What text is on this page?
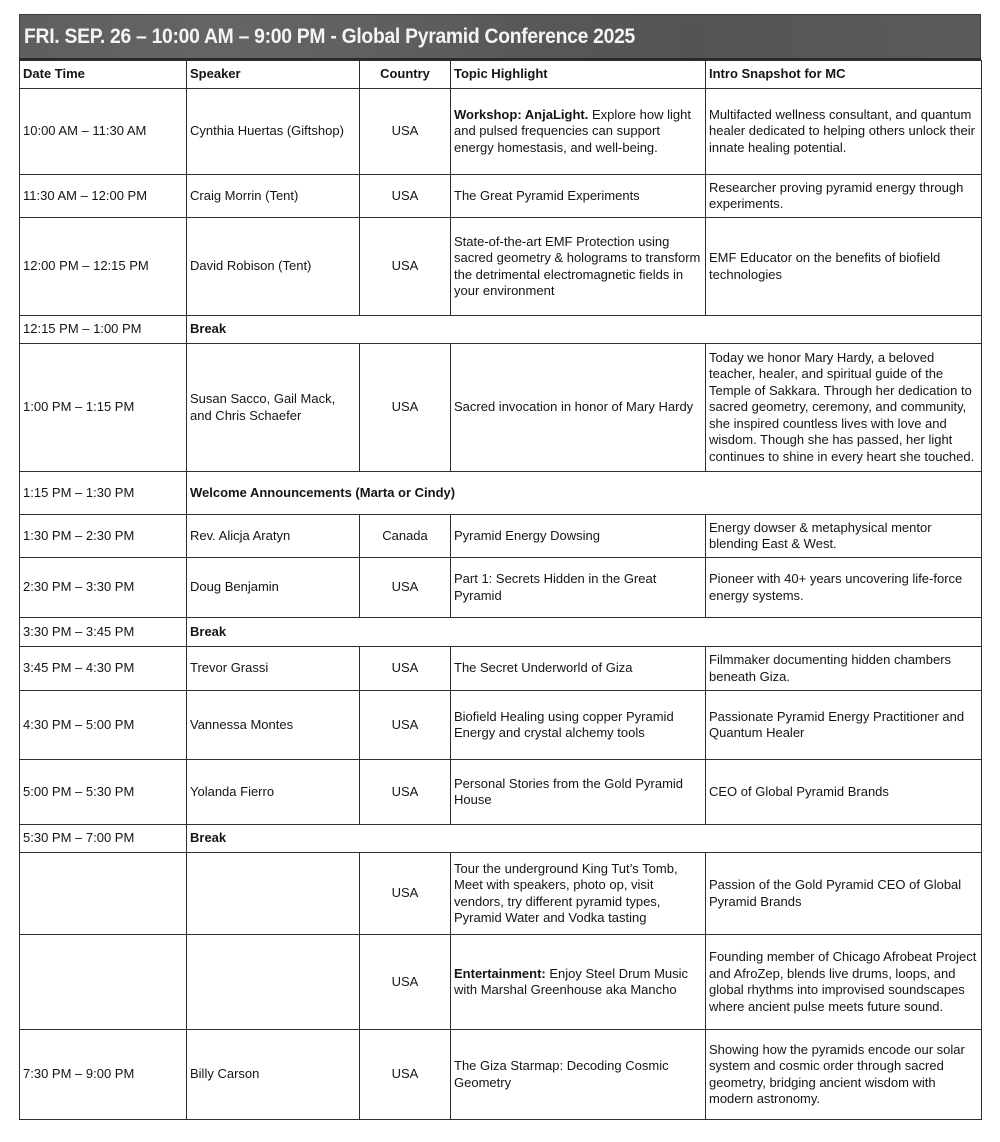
FRI. SEP. 26 – 10:00 AM – 9:00 PM - Global Pyramid Conference 2025
Date Time	Speaker	Country	Topic Highlight	Intro Snapshot for MC
10:00 AM – 11:30 AM	Cynthia Huertas (Giftshop)	USA	Workshop: AnjaLight. Explore how light and pulsed frequencies can support energy homestasis, and well-being.	Multifacted wellness consultant, and quantum healer dedicated to helping others unlock their innate healing potential.
11:30 AM – 12:00 PM	Craig Morrin (Tent)	USA	The Great Pyramid Experiments	Researcher proving pyramid energy through experiments.
12:00 PM – 12:15 PM	David Robison (Tent)	USA	State-of-the-art EMF Protection using sacred geometry & holograms to transform the detrimental electromagnetic fields in your environment	EMF Educator on the benefits of biofield technologies
12:15 PM – 1:00 PM	Break			
1:00 PM – 1:15 PM	Susan Sacco, Gail Mack, and Chris Schaefer	USA	Sacred invocation in honor of Mary Hardy	Today we honor Mary Hardy, a beloved teacher, healer, and spiritual guide of the Temple of Sakkara. Through her dedication to sacred geometry, ceremony, and community, she inspired countless lives with love and wisdom. Though she has passed, her light continues to shine in every heart she touched.
1:15 PM – 1:30 PM	Welcome Announcements (Marta or Cindy)			
1:30 PM – 2:30 PM	Rev. Alicja Aratyn	Canada	Pyramid Energy Dowsing	Energy dowser & metaphysical mentor blending East & West.
2:30 PM – 3:30 PM	Doug Benjamin	USA	Part 1: Secrets Hidden in the Great Pyramid	Pioneer with 40+ years uncovering life-force energy systems.
3:30 PM – 3:45 PM	Break			
3:45 PM – 4:30 PM	Trevor Grassi	USA	The Secret Underworld of Giza	Filmmaker documenting hidden chambers beneath Giza.
4:30 PM – 5:00 PM	Vannessa Montes	USA	Biofield Healing using copper Pyramid Energy and crystal alchemy tools	Passionate Pyramid Energy Practitioner and Quantum Healer
5:00 PM – 5:30 PM	Yolanda Fierro	USA	Personal Stories from the Gold Pyramid House	CEO of Global Pyramid Brands
5:30 PM – 7:00 PM	Break			
		USA	Tour the underground King Tut’s Tomb, Meet with speakers, photo op, visit vendors, try different pyramid types, Pyramid Water and Vodka tasting	Passion of the Gold Pyramid CEO of Global Pyramid Brands
		USA	Entertainment: Enjoy Steel Drum Music with Marshal Greenhouse aka Mancho	Founding member of Chicago Afrobeat Project and AfroZep, blends live drums, loops, and global rhythms into improvised soundscapes where ancient pulse meets future sound.
7:30 PM – 9:00 PM	Billy Carson	USA	The Giza Starmap: Decoding Cosmic Geometry	Showing how the pyramids encode our solar system and cosmic order through sacred geometry, bridging ancient wisdom with modern astronomy.
